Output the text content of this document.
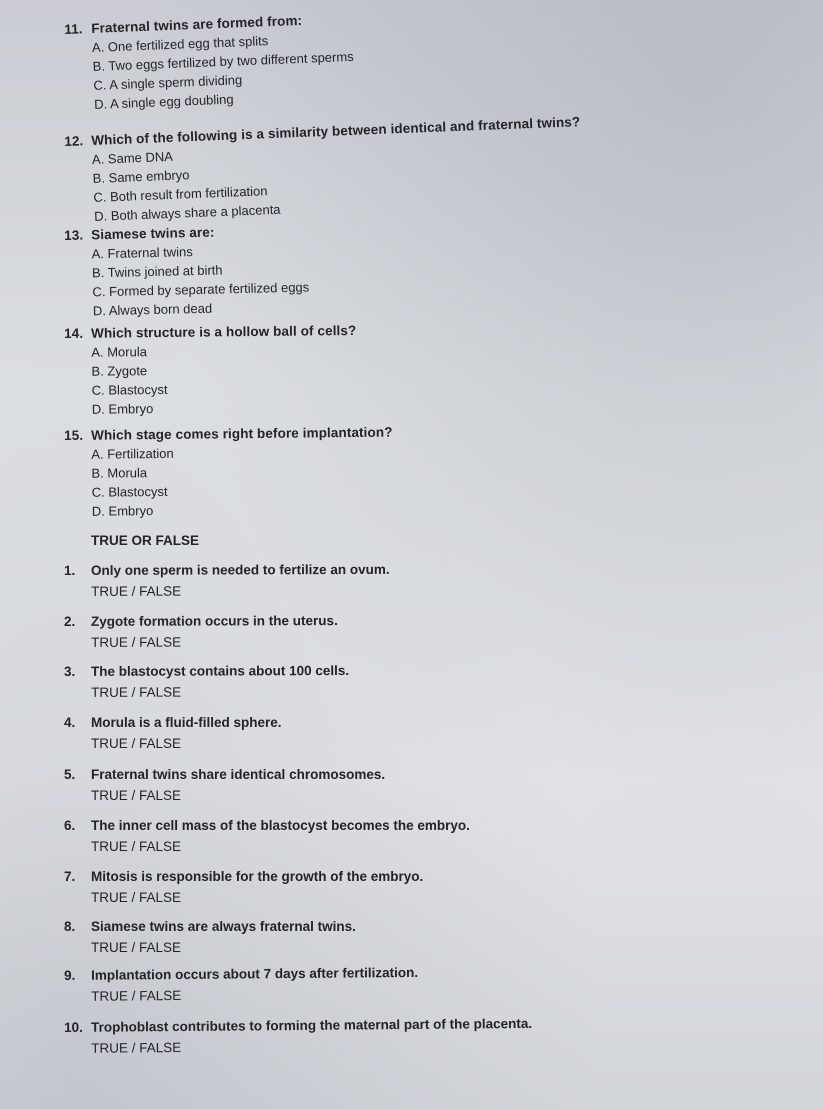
11. Fraternal twins are formed from:
A. One fertilized egg that splits
B. Two eggs fertilized by two different sperms
C. A single sperm dividing
D. A single egg doubling
12. Which of the following is a similarity between identical and fraternal twins?
A. Same DNA
B. Same embryo
C. Both result from fertilization
D. Both always share a placenta
13. Siamese twins are:
A. Fraternal twins
B. Twins joined at birth
C. Formed by separate fertilized eggs
D. Always born dead
14. Which structure is a hollow ball of cells?
A. Morula
B. Zygote
C. Blastocyst
D. Embryo
15. Which stage comes right before implantation?
A. Fertilization
B. Morula
C. Blastocyst
D. Embryo
TRUE OR FALSE
1. Only one sperm is needed to fertilize an ovum.
TRUE / FALSE
2. Zygote formation occurs in the uterus.
TRUE / FALSE
3. The blastocyst contains about 100 cells.
TRUE / FALSE
4. Morula is a fluid-filled sphere.
TRUE / FALSE
5. Fraternal twins share identical chromosomes.
TRUE / FALSE
6. The inner cell mass of the blastocyst becomes the embryo.
TRUE / FALSE
7. Mitosis is responsible for the growth of the embryo.
TRUE / FALSE
8. Siamese twins are always fraternal twins.
TRUE / FALSE
9. Implantation occurs about 7 days after fertilization.
TRUE / FALSE
10. Trophoblast contributes to forming the maternal part of the placenta.
TRUE / FALSE
